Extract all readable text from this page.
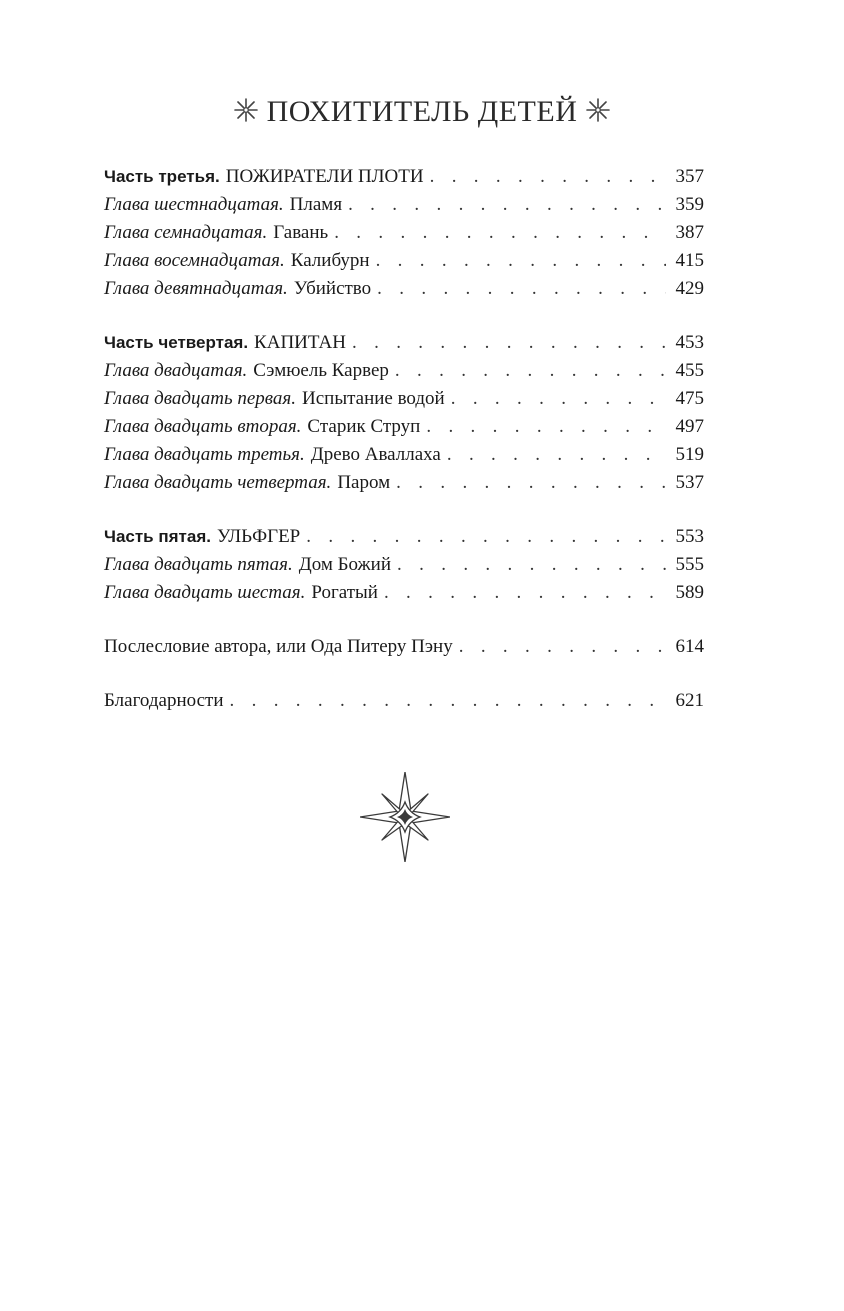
ПОХИТИТЕЛЬ ДЕТЕЙ
Часть третья. ПОЖИРАТЕЛИ ПЛОТИ . . .	357
Глава шестнадцатая. Пламя . . .	359
Глава семнадцатая. Гавань . . .	387
Глава восемнадцатая. Калибурн . . .	415
Глава девятнадцатая. Убийство . . .	429
Часть четвертая. КАПИТАН . . .	453
Глава двадцатая. Сэмюель Карвер . . .	455
Глава двадцать первая. Испытание водой . . .	475
Глава двадцать вторая. Старик Струп . . .	497
Глава двадцать третья. Древо Аваллаха . . .	519
Глава двадцать четвертая. Паром . . .	537
Часть пятая. УЛЬФГЕР . . .	553
Глава двадцать пятая. Дом Божий . . .	555
Глава двадцать шестая. Рогатый . . .	589
Послесловие автора, или Ода Питеру Пэну . . .	614
Благодарности . . .	621
